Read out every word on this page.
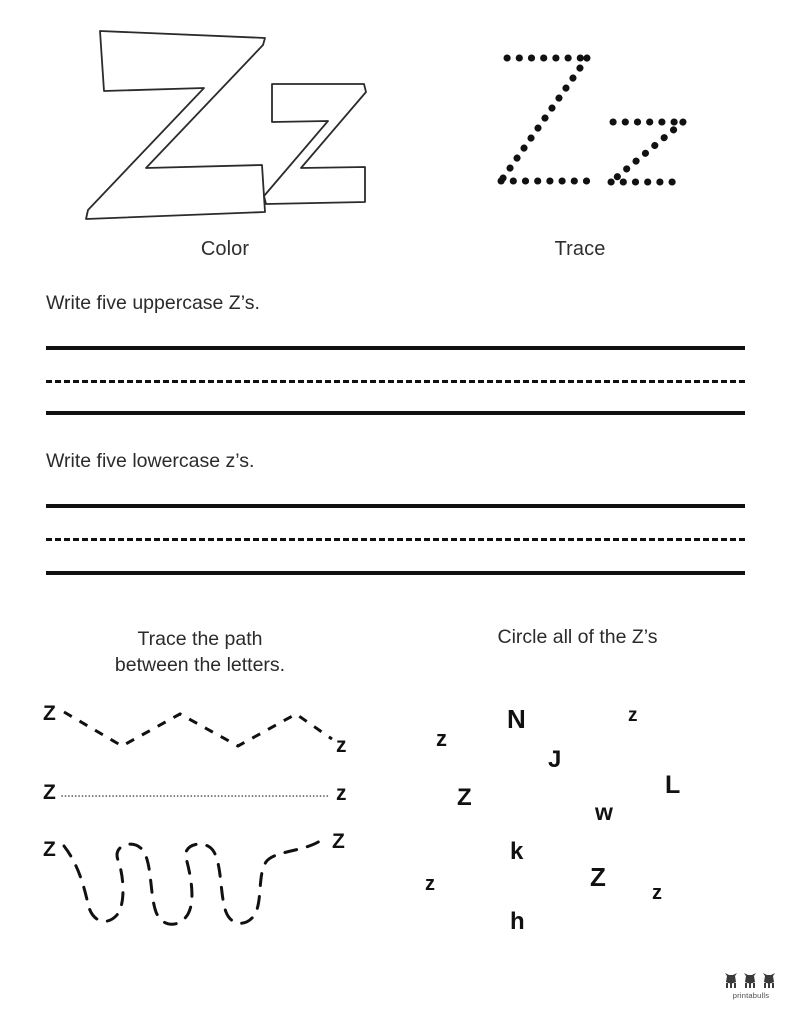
Color	Trace
Write five uppercase Z’s.
Write five lowercase z’s.
Trace the path
between the letters.
Z
z
Z	z
Z	Z
Circle all of the Z’s
z
N	z
J
L
Z
w
k
Z
z	z
h
printabulls
